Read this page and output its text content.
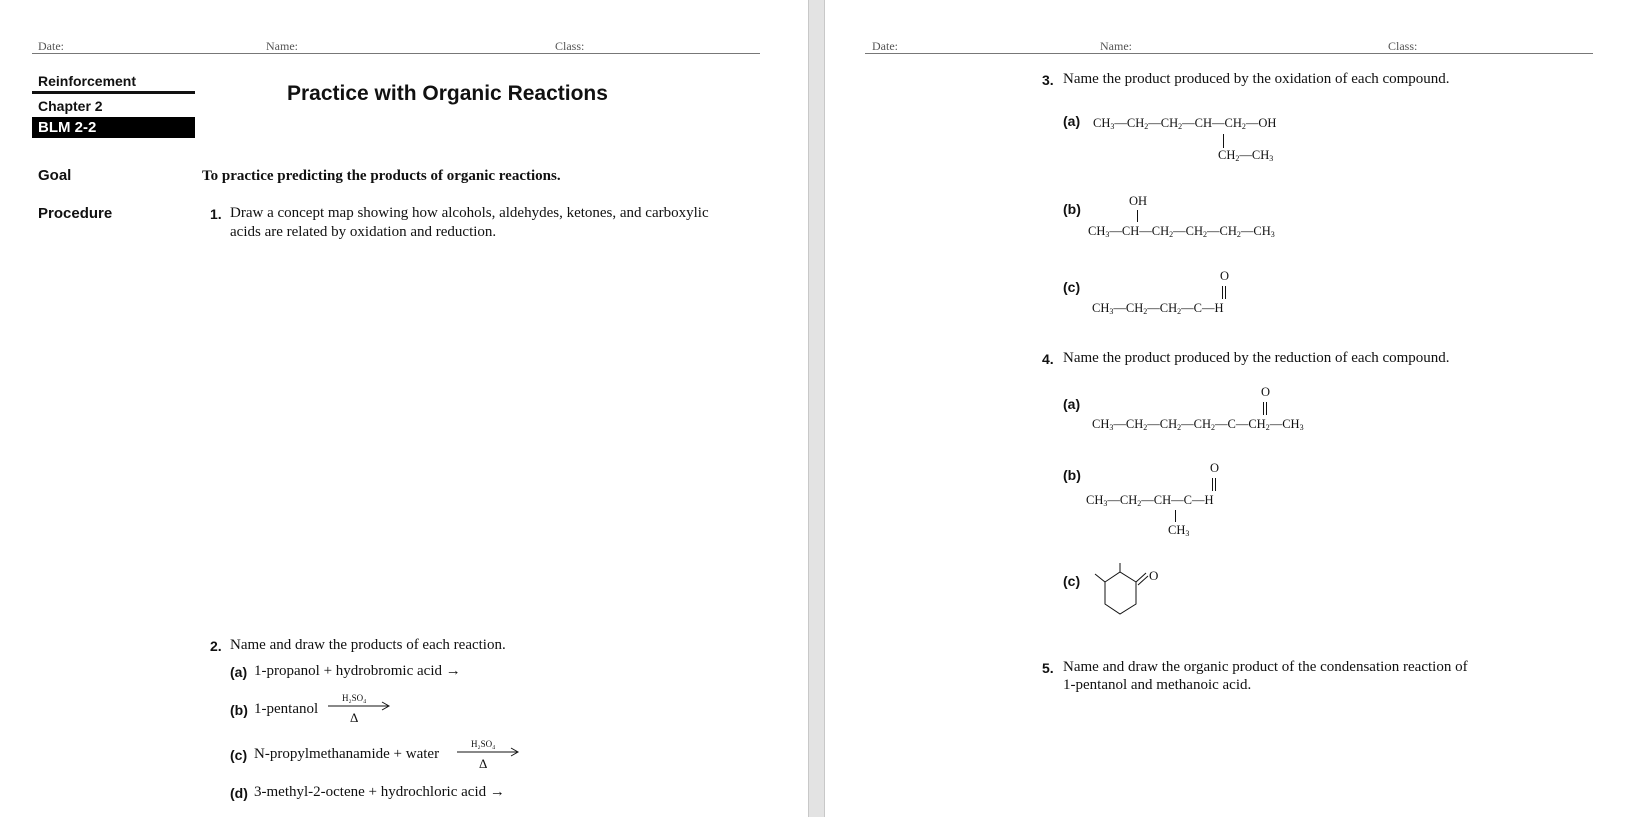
Date:	Name:	Class:
Reinforcement
Chapter 2
BLM 2-2
Practice with Organic Reactions
Goal	To practice predicting the products of organic reactions.
Procedure	1. Draw a concept map showing how alcohols, aldehydes, ketones, and carboxylic
acids are related by oxidation and reduction.
2. Name and draw the products of each reaction.
(a) 1-propanol + hydrobromic acid →
(b) 1-pentanol
H₂SO₄
Δ
(c) N-propylmethanamide + water
H₂SO₄
Δ
(d) 3-methyl-2-octene + hydrochloric acid →
Date:	Name:	Class:
3. Name the product produced by the oxidation of each compound.
(a) $CH_3—CH_2—CH_2—CH—CH_2—OH$
$CH_2—CH_3$
(b)	OH
$CH_3—CH—CH_2—CH_2—CH_2—CH_3$
(c)
O
$CH_3—CH_2—CH_2—C—H$
4. Name the product produced by the reduction of each compound.
(a)
O
$CH_3—CH_2—CH_2—CH_2—C—CH_2—CH_3$
(b)	O
$CH_3—CH_2—CH—C—H$
$CH_3$
(c)	O
5. Name and draw the organic product of the condensation reaction of
1-pentanol and methanoic acid.
